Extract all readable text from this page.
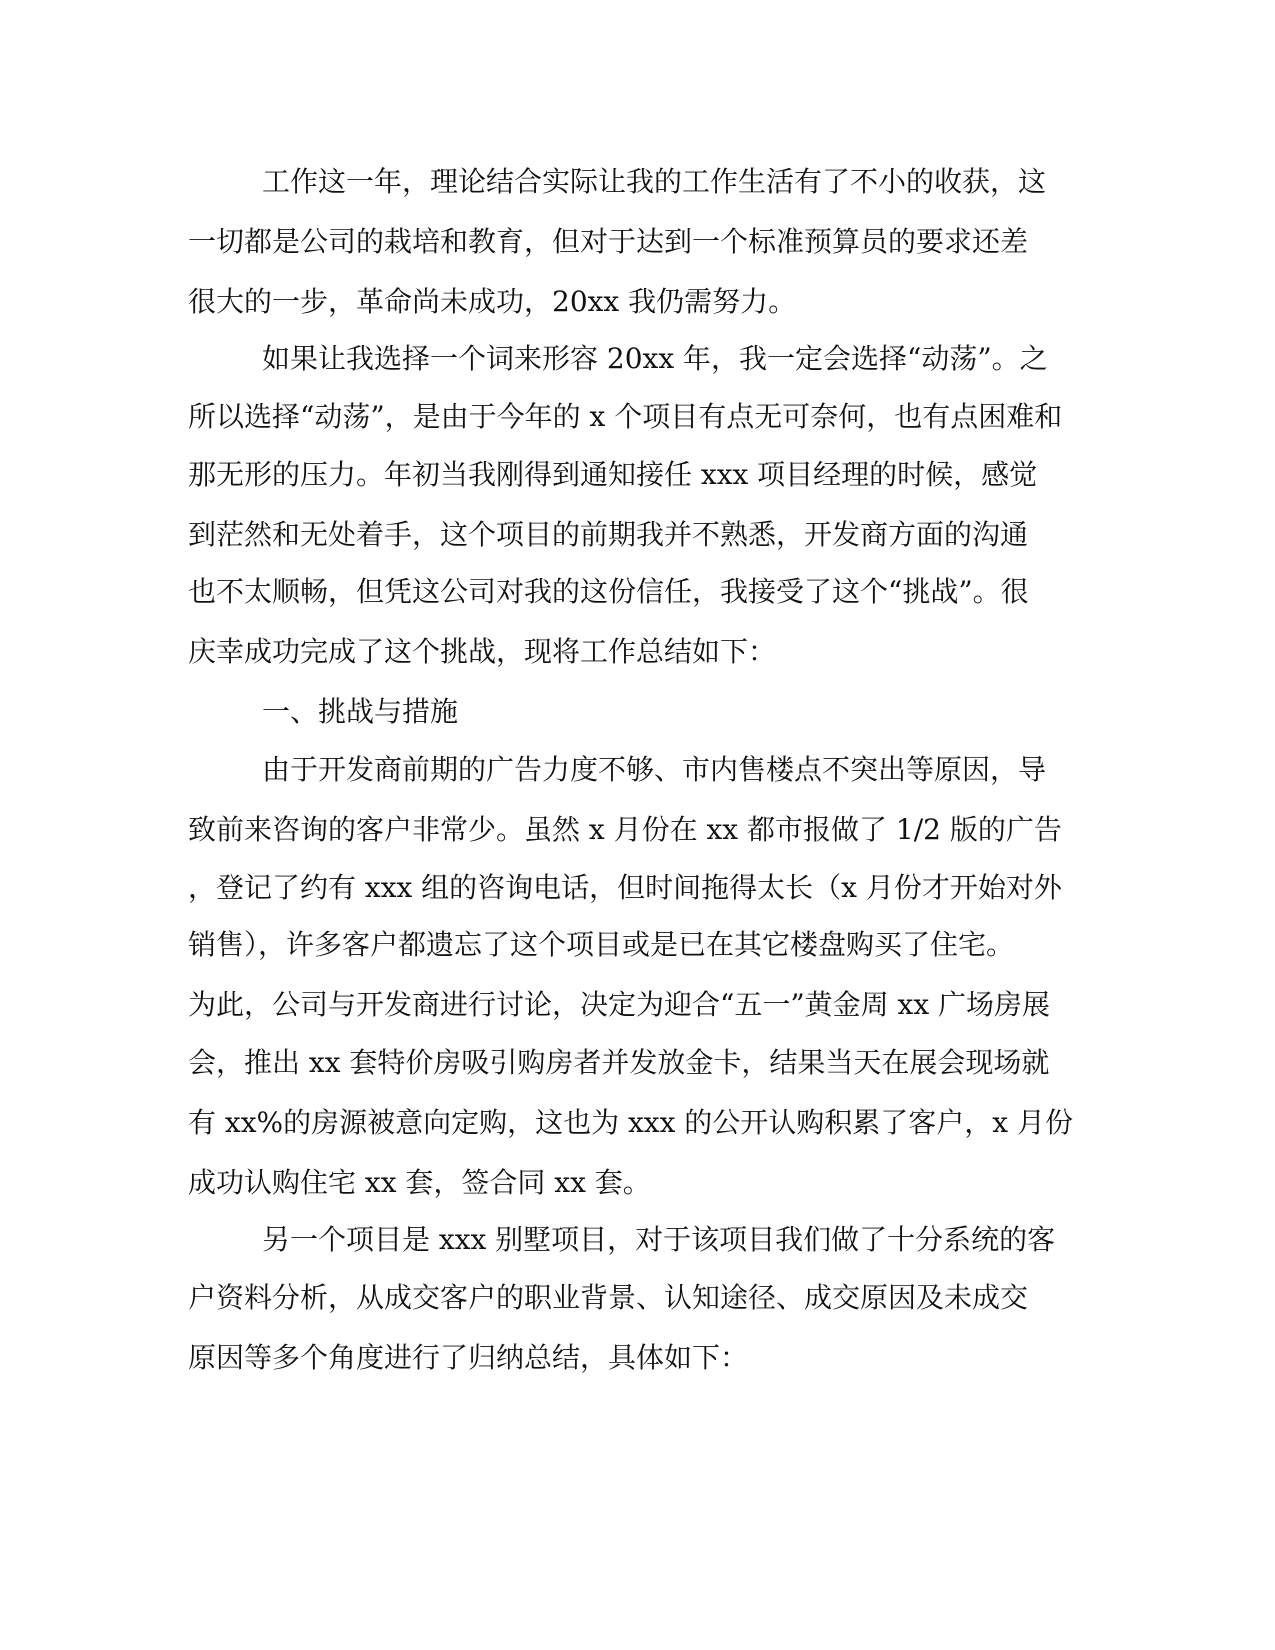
工作这一年，理论结合实际让我的工作生活有了不小的收获，这
一切都是公司的栽培和教育，但对于达到一个标准预算员的要求还差
很大的一步，革命尚未成功，20xx 我仍需努力。
如果让我选择一个词来形容 20xx 年，我一定会选择“动荡”。之
所以选择“动荡”，是由于今年的 x 个项目有点无可奈何，也有点困难和
那无形的压力。年初当我刚得到通知接任 xxx 项目经理的时候，感觉
到茫然和无处着手，这个项目的前期我并不熟悉，开发商方面的沟通
也不太顺畅，但凭这公司对我的这份信任，我接受了这个“挑战”。很
庆幸成功完成了这个挑战，现将工作总结如下：
一、挑战与措施
由于开发商前期的广告力度不够、市内售楼点不突出等原因，导
致前来咨询的客户非常少。虽然 x 月份在 xx 都市报做了 1/2 版的广告
，登记了约有 xxx 组的咨询电话，但时间拖得太长（x 月份才开始对外
销售），许多客户都遗忘了这个项目或是已在其它楼盘购买了住宅。
为此，公司与开发商进行讨论，决定为迎合“五一”黄金周 xx 广场房展
会，推出 xx 套特价房吸引购房者并发放金卡，结果当天在展会现场就
有 xx%的房源被意向定购，这也为 xxx 的公开认购积累了客户，x 月份
成功认购住宅 xx 套，签合同 xx 套。
另一个项目是 xxx 别墅项目，对于该项目我们做了十分系统的客
户资料分析，从成交客户的职业背景、认知途径、成交原因及未成交
原因等多个角度进行了归纳总结，具体如下：
